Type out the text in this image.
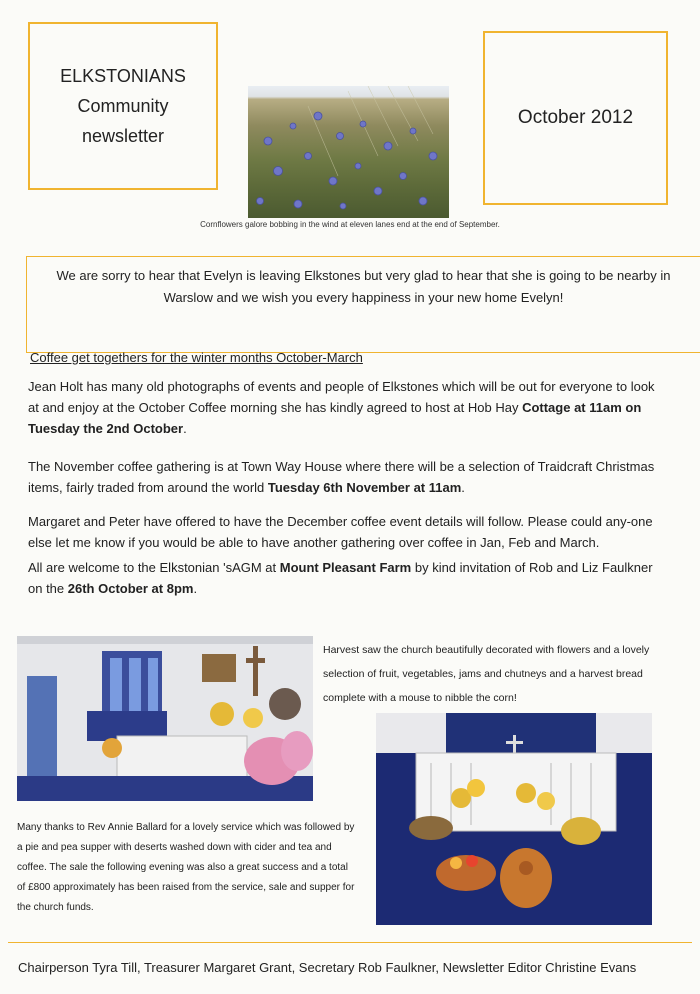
ELKSTONIANS
Community
newsletter
Cornflowers galore bobbing in the wind at eleven lanes end at the end of September.
October 2012
We are sorry to hear that Evelyn is leaving Elkstones but very glad to hear that she is going to be nearby in Warslow and we wish you every happiness in your new home Evelyn!
Coffee get togethers for the winter months October-March
Jean Holt has many old photographs of events and people of Elkstones which will be out for everyone to look at and enjoy at the October Coffee morning she has kindly agreed to host at Hob Hay Cottage at 11am on Tuesday the 2nd October.
The November coffee gathering is at Town Way House where there will be a selection of Traidcraft Christmas items, fairly traded from around the world Tuesday 6th November at 11am.
Margaret and Peter have offered to have the December coffee event details will follow. Please could any-one else let me know if you would be able to have another gathering over coffee in Jan, Feb and March.
All are welcome to the Elkstonian 'sAGM at Mount Pleasant Farm by kind invitation of Rob and Liz Faulkner on the 26th October at 8pm.
Harvest saw the church beautifully decorated with flowers and a lovely selection of fruit, vegetables, jams and chutneys and a harvest bread complete with a mouse to nibble the corn!
Many thanks to Rev Annie Ballard for a lovely service which was followed by a pie and pea supper with deserts washed down with cider and tea and coffee. The sale the following evening was also a great success and a total of £800 approximately has been raised from the service, sale and supper for the church funds.
Chairperson Tyra Till, Treasurer Margaret Grant, Secretary Rob Faulkner, Newsletter Editor Christine Evans
